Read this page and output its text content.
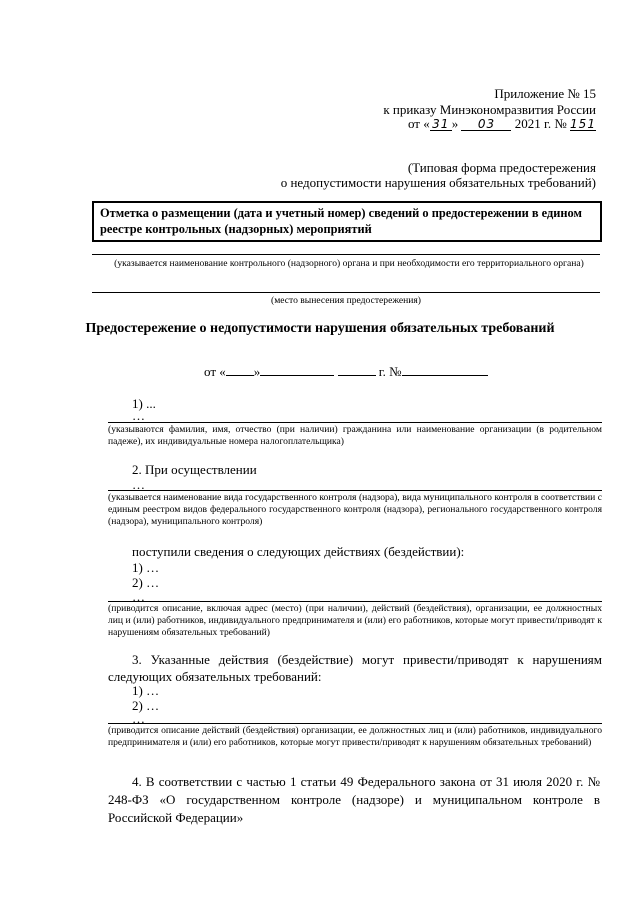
Приложение № 15
к приказу Минэкономразвития России
от « 31 » 03 2021 г. № 151
(Типовая форма предостережения
о недопустимости нарушения обязательных требований)
Отметка о размещении (дата и учетный номер) сведений о предостережении в едином реестре контрольных (надзорных) мероприятий
(указывается наименование контрольного (надзорного) органа и при необходимости его территориального органа)
(место вынесения предостережения)
Предостережение о недопустимости нарушения обязательных требований
от « »	г. №
1) ...
…
(указываются фамилия, имя, отчество (при наличии) гражданина или наименование организации (в родительном падеже), их индивидуальные номера налогоплательщика)
2. При осуществлении
…
(указывается наименование вида государственного контроля (надзора), вида муниципального контроля в соответствии с единым реестром видов федерального государственного контроля (надзора), регионального государственного контроля (надзора), муниципального контроля)
поступили сведения о следующих действиях (бездействии):
1) …
2) …
…
(приводится описание, включая адрес (место) (при наличии), действий (бездействия), организации, ее должностных лиц и (или) работников, индивидуального предпринимателя и (или) его работников, которые могут привести/приводят к нарушениям обязательных требований)
3. Указанные действия (бездействие) могут привести/приводят к нарушениям следующих обязательных требований:
1) …
2) …
…
(приводится описание действий (бездействия) организации, ее должностных лиц и (или) работников, индивидуального предпринимателя и (или) его работников, которые могут привести/приводят к нарушениям обязательных требований)
4. В соответствии с частью 1 статьи 49 Федерального закона от 31 июля 2020 г. № 248-ФЗ «О государственном контроле (надзоре) и муниципальном контроле в Российской Федерации»
